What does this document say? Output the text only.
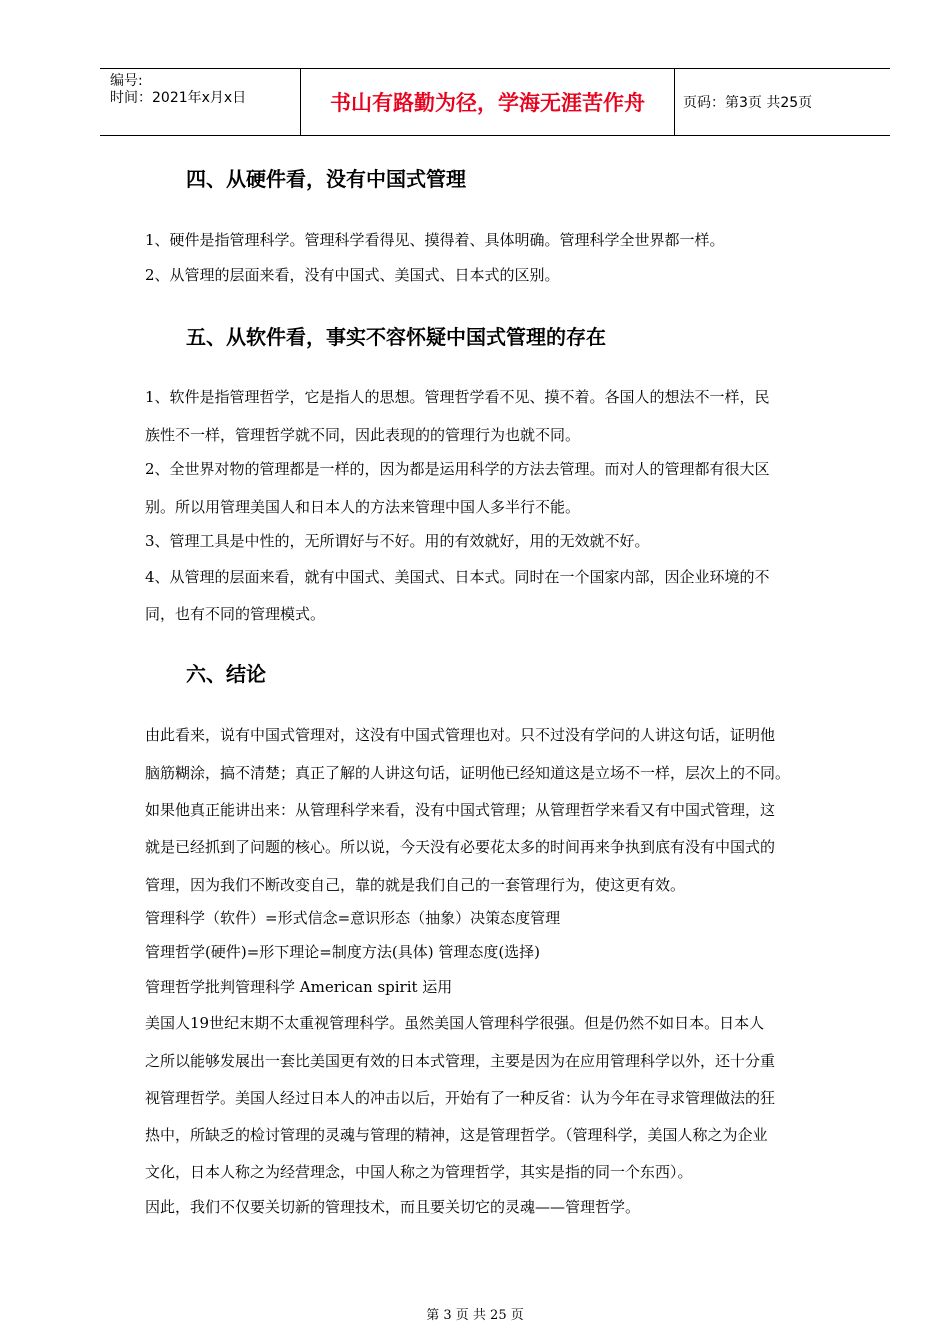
编号:
时间：2021年x月x日	书山有路勤为径，学海无涯苦作舟	页码：第3页 共25页
四、从硬件看，没有中国式管理
1、硬件是指管理科学。管理科学看得见、摸得着、具体明确。管理科学全世界都一样。
2、从管理的层面来看，没有中国式、美国式、日本式的区别。
五、从软件看，事实不容怀疑中国式管理的存在
1、软件是指管理哲学，它是指人的思想。管理哲学看不见、摸不着。各国人的想法不一样，民
族性不一样，管理哲学就不同，因此表现的的管理行为也就不同。
2、全世界对物的管理都是一样的，因为都是运用科学的方法去管理。而对人的管理都有很大区
别。所以用管理美国人和日本人的方法来管理中国人多半行不能。
3、管理工具是中性的，无所谓好与不好。用的有效就好，用的无效就不好。
4、从管理的层面来看，就有中国式、美国式、日本式。同时在一个国家内部，因企业环境的不
同，也有不同的管理模式。
六、结论
由此看来，说有中国式管理对，这没有中国式管理也对。只不过没有学问的人讲这句话，证明他
脑筋糊涂，搞不清楚；真正了解的人讲这句话，证明他已经知道这是立场不一样，层次上的不同。
如果他真正能讲出来：从管理科学来看，没有中国式管理；从管理哲学来看又有中国式管理，这
就是已经抓到了问题的核心。所以说，今天没有必要花太多的时间再来争执到底有没有中国式的
管理，因为我们不断改变自己，靠的就是我们自己的一套管理行为，使这更有效。
管理科学（软件）=形式信念=意识形态（抽象）决策态度管理
管理哲学(硬件)=形下理论=制度方法(具体) 管理态度(选择)
管理哲学批判管理科学 American spirit 运用
美国人19世纪末期不太重视管理科学。虽然美国人管理科学很强。但是仍然不如日本。日本人
之所以能够发展出一套比美国更有效的日本式管理，主要是因为在应用管理科学以外，还十分重
视管理哲学。美国人经过日本人的冲击以后，开始有了一种反省：认为今年在寻求管理做法的狂
热中，所缺乏的检讨管理的灵魂与管理的精神，这是管理哲学。（管理科学，美国人称之为企业
文化，日本人称之为经营理念，中国人称之为管理哲学，其实是指的同一个东西）。
因此，我们不仅要关切新的管理技术，而且要关切它的灵魂——管理哲学。
第 3 页 共 25 页
